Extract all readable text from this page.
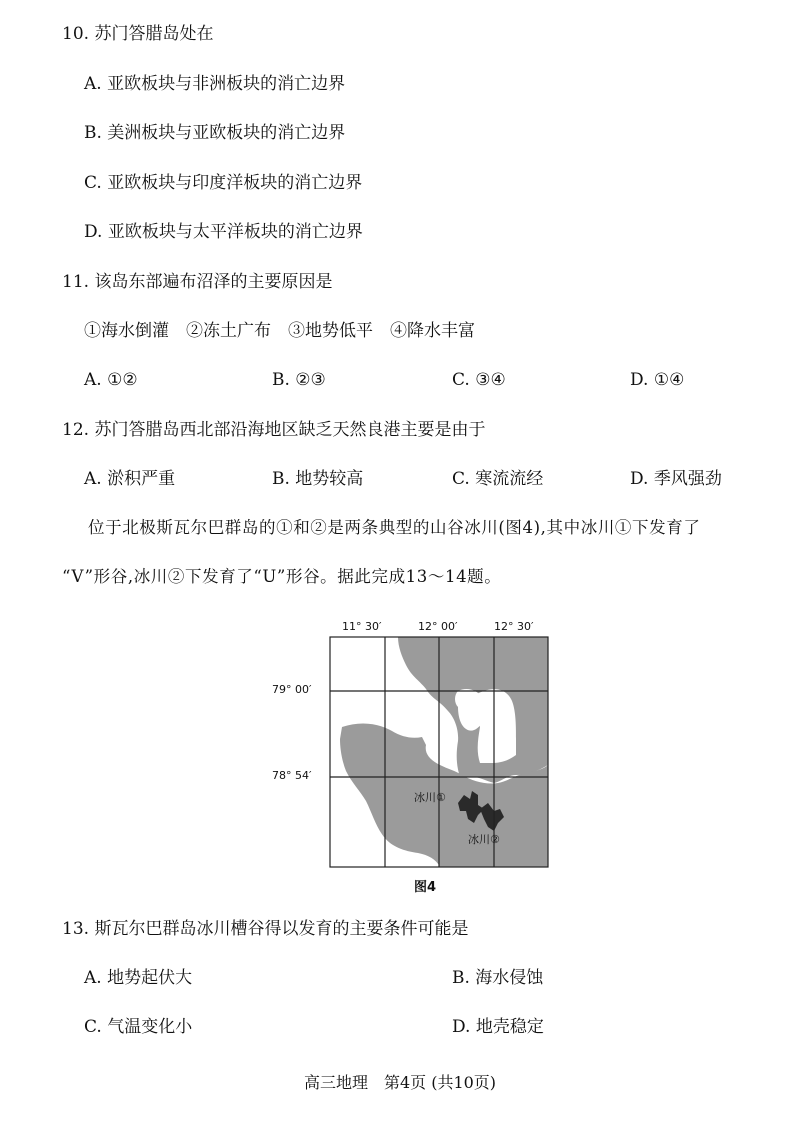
10. 苏门答腊岛处在
A. 亚欧板块与非洲板块的消亡边界
B. 美洲板块与亚欧板块的消亡边界
C. 亚欧板块与印度洋板块的消亡边界
D. 亚欧板块与太平洋板块的消亡边界
11. 该岛东部遍布沼泽的主要原因是
①海水倒灌　②冻土广布　③地势低平　④降水丰富
A. ①②	B. ②③	C. ③④	D. ①④
12. 苏门答腊岛西北部沿海地区缺乏天然良港主要是由于
A. 淤积严重	B. 地势较高	C. 寒流流经	D. 季风强劲
位于北极斯瓦尔巴群岛的①和②是两条典型的山谷冰川(图4),其中冰川①下发育了
“V”形谷,冰川②下发育了“U”形谷。据此完成13～14题。
11° 30′	12° 00′	12° 30′
79° 00′
78° 54′
冰川①
冰川②
图4
13. 斯瓦尔巴群岛冰川槽谷得以发育的主要条件可能是
A. 地势起伏大	B. 海水侵蚀
C. 气温变化小	D. 地壳稳定
高三地理　第4页 (共10页)
